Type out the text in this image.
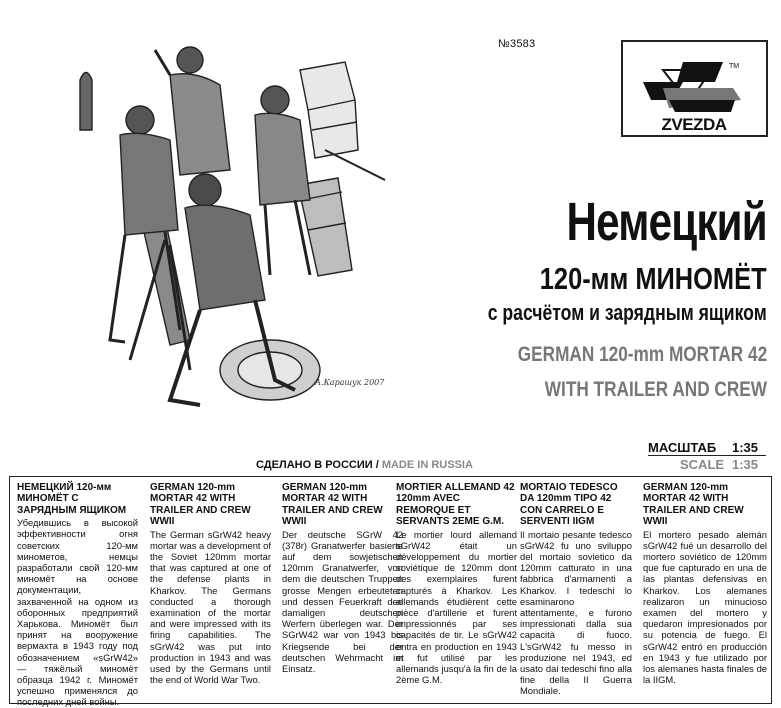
А.Карашук 2007
№3583
TM
ZVEZDA
Немецкий
120-мм МИНОМЁТ
с расчётом и зарядным ящиком
GERMAN 120-mm MORTAR 42
WITH TRAILER AND CREW
МАСШТАБ 1:35
SCALE 1:35
СДЕЛАНО В РОССИИ / MADE IN RUSSIA
НЕМЕЦКИЙ 120-мм МИНОМЁТ С ЗАРЯДНЫМ ЯЩИКОМ
Убедившись в высокой эффективности огня советских 120-мм минометов, немцы разработали свой 120-мм миномёт на основе документации, захваченной на одном из оборонных предприятий Харькова. Миномёт был принят на вооружение вермахта в 1943 году под обозначением «sGrW42» — тяжёлый миномёт образца 1942 г. Миномёт успешно применялся до последних дней войны.
GERMAN 120-mm MORTAR 42 WITH TRAILER AND CREW WWII
The German sGrW42 heavy mortar was a development of the Soviet 120mm mortar that was captured at one of the defense plants in Kharkov. The Germans conducted a thorough examination of the mortar and were impressed with its firing capabilities. The sGrW42 was put into production in 1943 and was used by the Germans until the end of World War Two.
GERMAN 120-mm MORTAR 42 WITH TRAILER AND CREW WWII
Der deutsche SGrW 42 (378r) Granatwerfer basierte auf dem sowjetischen 120mm Granatwerfer, von dem die deutschen Truppen grosse Mengen erbeuteten und dessen Feuerkraft den damaligen deutschen Werfern überlegen war. Der SGrW42 war von 1943 bis Kriegsende bei der deutschen Wehrmacht im Einsatz.
MORTIER ALLEMAND 42 120mm AVEC REMORQUE ET SERVANTS 2EME G.M.
Le mortier lourd allemand sGrW42 était un développement du mortier soviétique de 120mm dont des exemplaires furent capturés à Kharkov. Les allemands étudièrent cette pièce d'artillerie et furent impressionnés par ses capacités de tir. Le sGrW42 entra en production en 1943 et fut utilisé par les allemands jusqu'à la fin de la 2ème G.M.
MORTAIO TEDESCO DA 120mm TIPO 42 CON CARRELO E SERVENTI IIGM
Il mortaio pesante tedesco sGrW42 fu uno sviluppo del mortaio sovietico da 120mm catturato in una fabbrica d'armamenti a Kharkov. I tedeschi lo esaminarono attentamente, e furono impressionati dalla sua capacità di fuoco. L'sGrW42 fu messo in produzione nel 1943, ed usato dai tedeschi fino alla fine della II Guerra Mondiale.
GERMAN 120-mm MORTAR 42 WITH TRAILER AND CREW WWII
El mortero pesado alemán sGrW42 fué un desarrollo del mortero soviético de 120mm que fue capturado en una de las plantas defensivas en Kharkov. Los alemanes realizaron un minucioso examen del mortero y quedaron impresionados por su potencia de fuego. El sGrW42 entró en producción en 1943 y fue utilizado por los alemanes hasta finales de la IIGM.
